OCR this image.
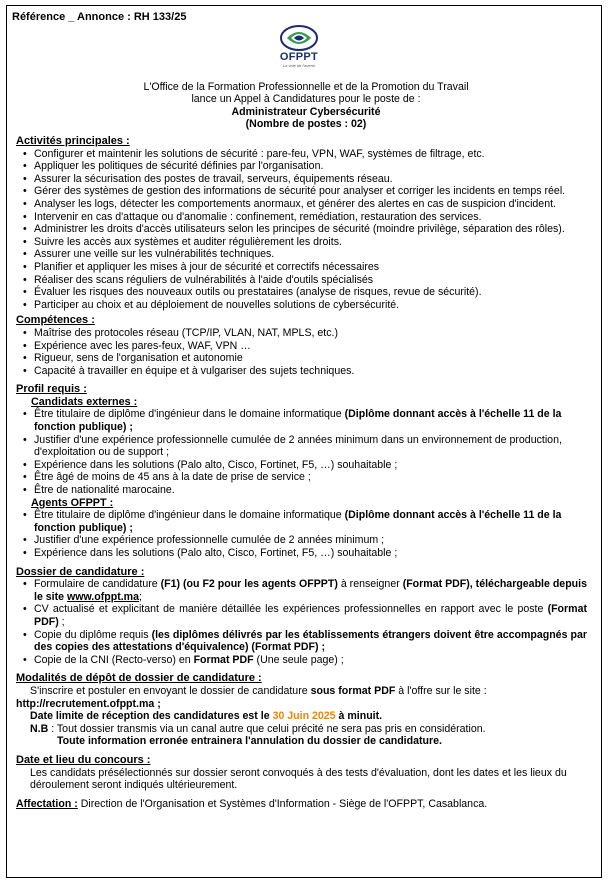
Référence _ Annonce : RH 133/25
OFPPT
La voie de l'avenir
L'Office de la Formation Professionnelle et de la Promotion du Travail
lance un Appel à Candidatures pour le poste de :
Administrateur Cybersécurité
(Nombre de postes : 02)
Activités principales :
• Configurer et maintenir les solutions de sécurité : pare-feu, VPN, WAF, systèmes de filtrage, etc.
• Appliquer les politiques de sécurité définies par l'organisation.
• Assurer la sécurisation des postes de travail, serveurs, équipements réseau.
• Gérer des systèmes de gestion des informations de sécurité pour analyser et corriger les incidents en temps réel.
• Analyser les logs, détecter les comportements anormaux, et générer des alertes en cas de suspicion d'incident.
• Intervenir en cas d'attaque ou d'anomalie : confinement, remédiation, restauration des services.
• Administrer les droits d'accès utilisateurs selon les principes de sécurité (moindre privilège, séparation des rôles).
• Suivre les accès aux systèmes et auditer régulièrement les droits.
• Assurer une veille sur les vulnérabilités techniques.
• Planifier et appliquer les mises à jour de sécurité et correctifs nécessaires
• Réaliser des scans réguliers de vulnérabilités à l'aide d'outils spécialisés
• Évaluer les risques des nouveaux outils ou prestataires (analyse de risques, revue de sécurité).
• Participer au choix et au déploiement de nouvelles solutions de cybersécurité.
Compétences :
• Maîtrise des protocoles réseau (TCP/IP, VLAN, NAT, MPLS, etc.)
• Expérience avec les pares-feux, WAF, VPN …
• Rigueur, sens de l'organisation et autonomie
• Capacité à travailler en équipe et à vulgariser des sujets techniques.
Profil requis :
Candidats externes :
• Être titulaire de diplôme d'ingénieur dans le domaine informatique (Diplôme donnant accès à l'échelle 11 de la fonction publique) ;
• Justifier d'une expérience professionnelle cumulée de 2 années minimum dans un environnement de production, d'exploitation ou de support ;
• Expérience dans les solutions (Palo alto, Cisco, Fortinet, F5, …) souhaitable ;
• Être âgé de moins de 45 ans à la date de prise de service ;
• Être de nationalité marocaine.
Agents OFPPT :
• Être titulaire de diplôme d'ingénieur dans le domaine informatique (Diplôme donnant accès à l'échelle 11 de la fonction publique) ;
• Justifier d'une expérience professionnelle cumulée de 2 années minimum ;
• Expérience dans les solutions (Palo alto, Cisco, Fortinet, F5, …) souhaitable ;
Dossier de candidature :
• Formulaire de candidature (F1) (ou F2 pour les agents OFPPT) à renseigner (Format PDF), téléchargeable depuis le site www.ofppt.ma;
• CV actualisé et explicitant de manière détaillée les expériences professionnelles en rapport avec le poste (Format PDF) ;
• Copie du diplôme requis (les diplômes délivrés par les établissements étrangers doivent être accompagnés par des copies des attestations d'équivalence) (Format PDF) ;
• Copie de la CNI (Recto-verso) en Format PDF (Une seule page) ;
Modalités de dépôt de dossier de candidature :
S'inscrire et postuler en envoyant le dossier de candidature sous format PDF à l'offre sur le site :
http://recrutement.ofppt.ma ;
Date limite de réception des candidatures est le 30 Juin 2025 à minuit.
N.B : Tout dossier transmis via un canal autre que celui précité ne sera pas pris en considération.
Toute information erronée entrainera l'annulation du dossier de candidature.
Date et lieu du concours :
Les candidats présélectionnés sur dossier seront convoqués à des tests d'évaluation, dont les dates et les lieux du déroulement seront indiqués ultérieurement.
Affectation : Direction de l'Organisation et Systèmes d'Information - Siège de l'OFPPT, Casablanca.
